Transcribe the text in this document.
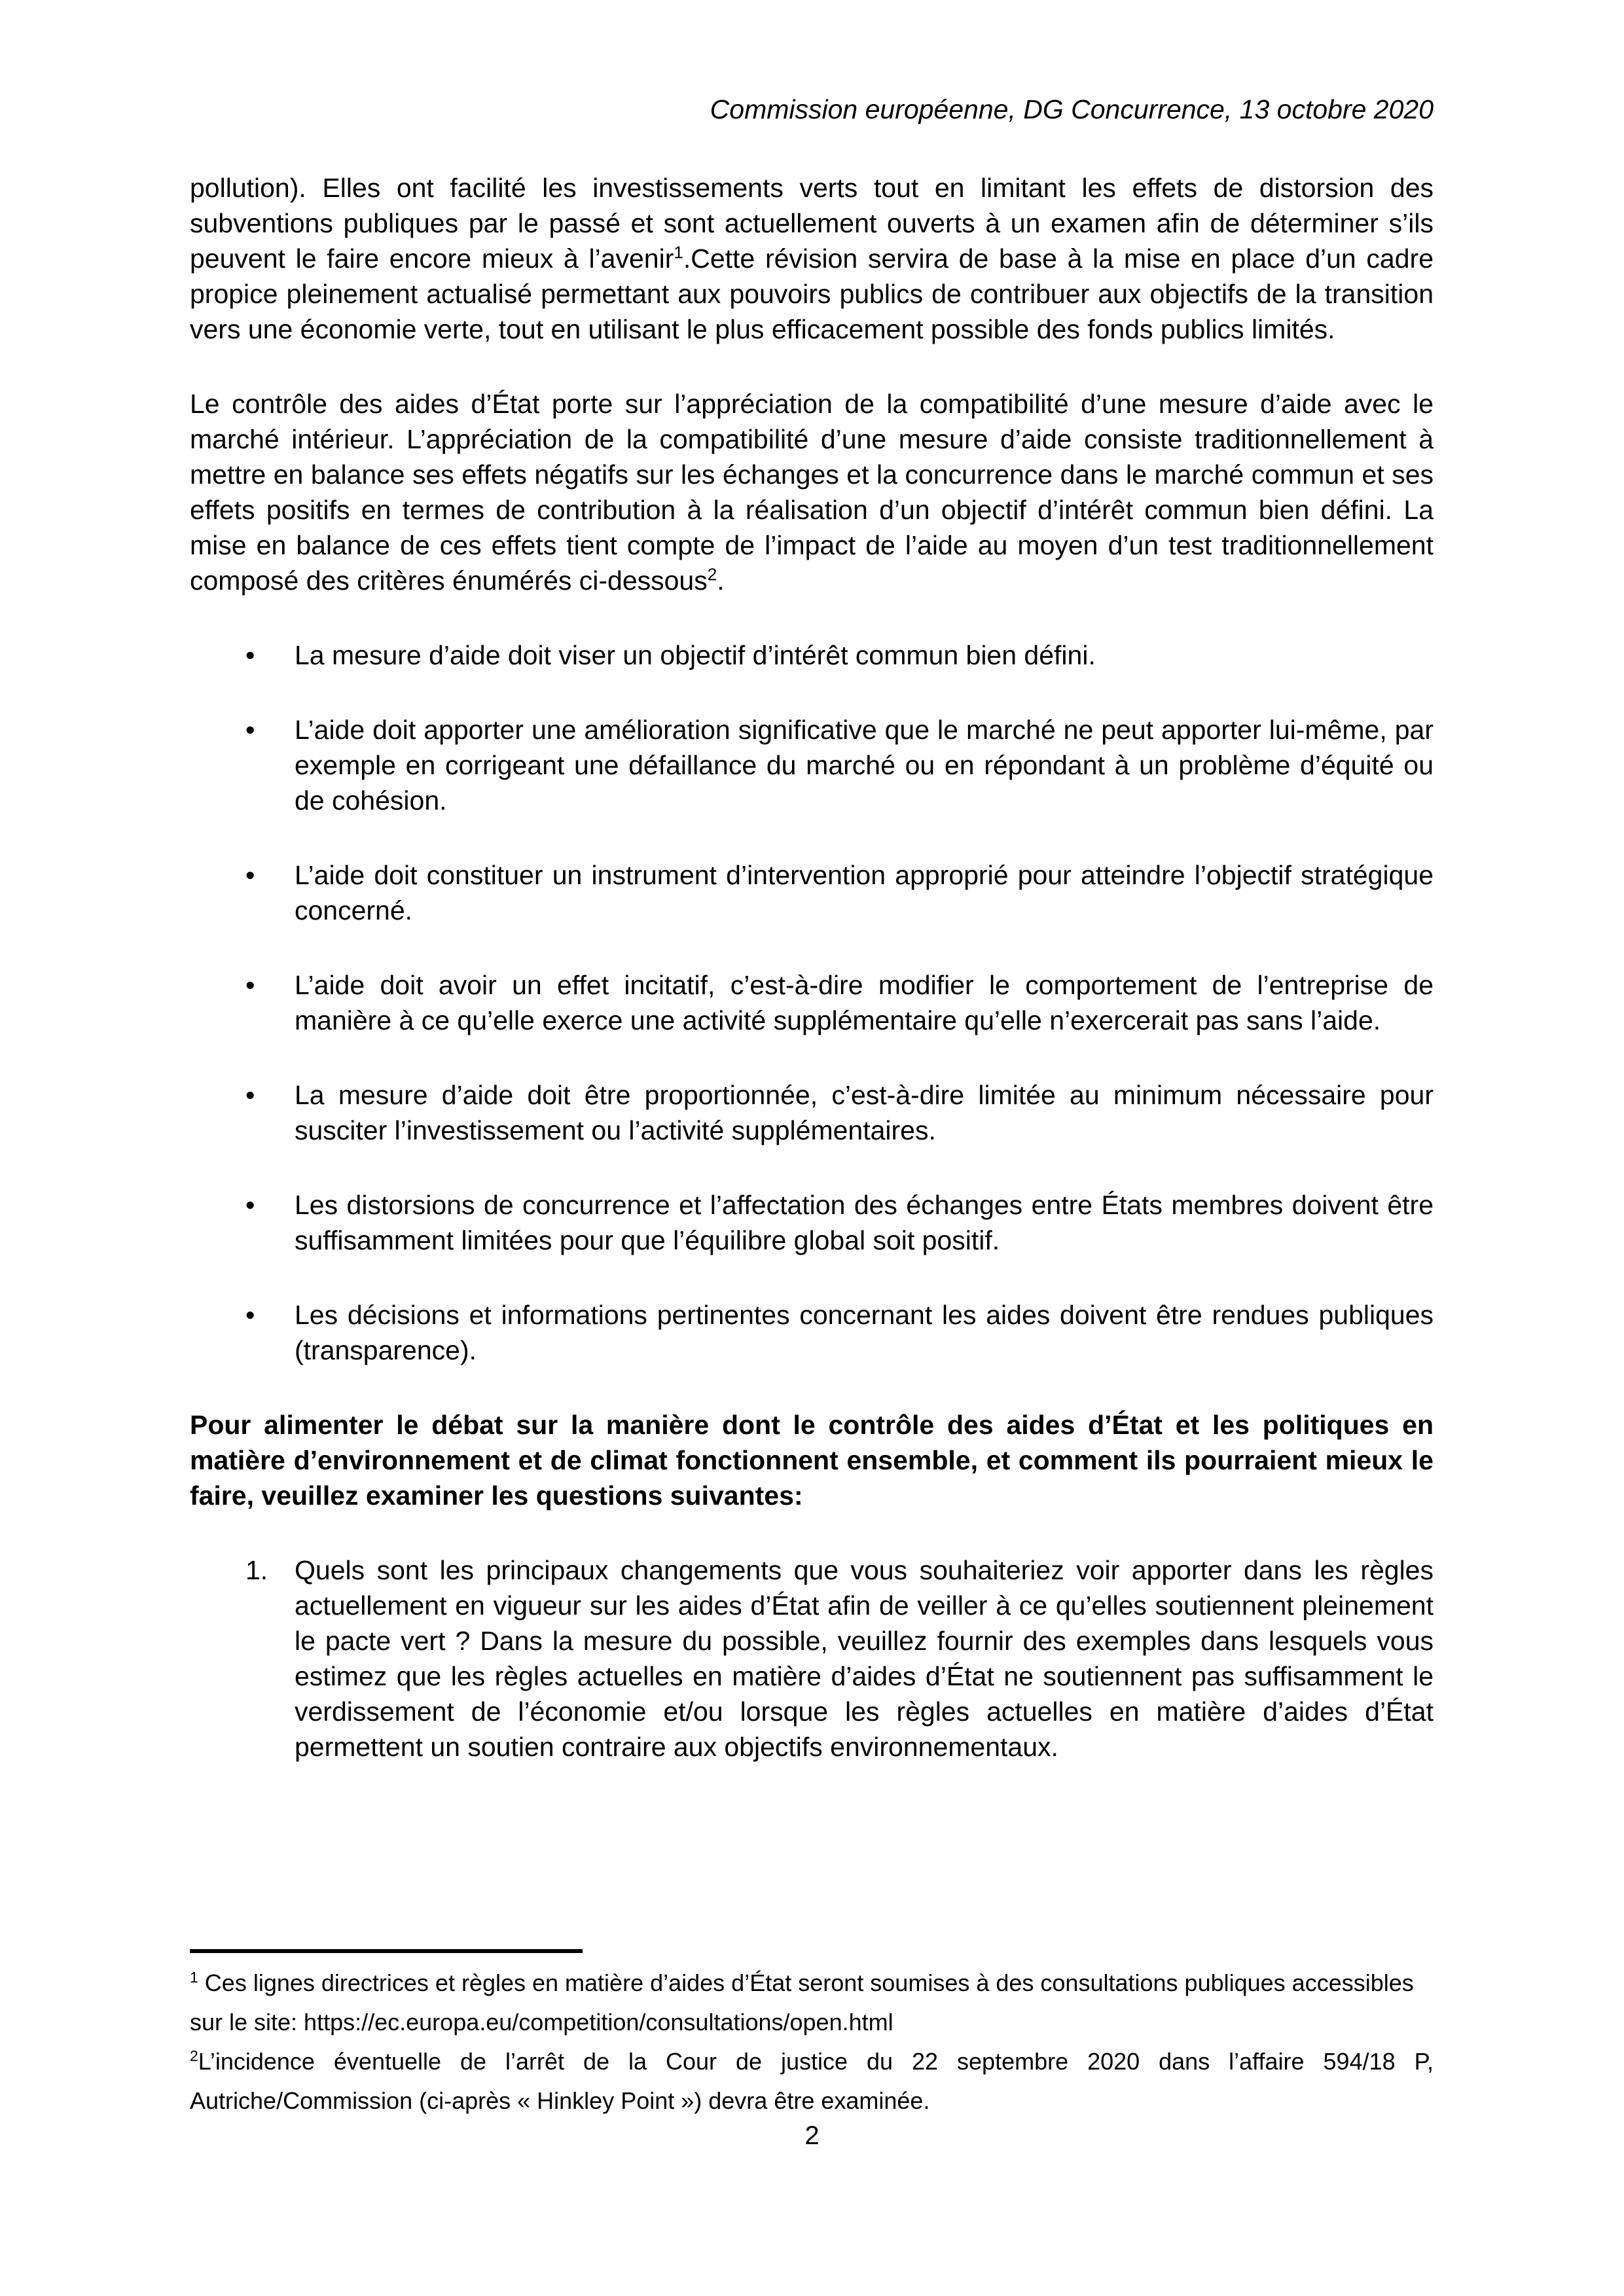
Commission européenne, DG Concurrence, 13 octobre 2020

pollution). Elles ont facilité les investissements verts tout en limitant les effets de distorsion des subventions publiques par le passé et sont actuellement ouverts à un examen afin de déterminer s’ils peuvent le faire encore mieux à l’avenir$^1$.Cette révision servira de base à la mise en place d’un cadre propice pleinement actualisé permettant aux pouvoirs publics de contribuer aux objectifs de la transition vers une économie verte, tout en utilisant le plus efficacement possible des fonds publics limités.

Le contrôle des aides d’État porte sur l’appréciation de la compatibilité d’une mesure d’aide avec le marché intérieur. L’appréciation de la compatibilité d’une mesure d’aide consiste traditionnellement à mettre en balance ses effets négatifs sur les échanges et la concurrence dans le marché commun et ses effets positifs en termes de contribution à la réalisation d’un objectif d’intérêt commun bien défini. La mise en balance de ces effets tient compte de l’impact de l’aide au moyen d’un test traditionnellement composé des critères énumérés ci-dessous$^2$.

• La mesure d’aide doit viser un objectif d’intérêt commun bien défini.
• L’aide doit apporter une amélioration significative que le marché ne peut apporter lui-même, par exemple en corrigeant une défaillance du marché ou en répondant à un problème d’équité ou de cohésion.
• L’aide doit constituer un instrument d’intervention approprié pour atteindre l’objectif stratégique concerné.
• L’aide doit avoir un effet incitatif, c’est-à-dire modifier le comportement de l’entreprise de manière à ce qu’elle exerce une activité supplémentaire qu’elle n’exercerait pas sans l’aide.
• La mesure d’aide doit être proportionnée, c’est-à-dire limitée au minimum nécessaire pour susciter l’investissement ou l’activité supplémentaires.
• Les distorsions de concurrence et l’affectation des échanges entre États membres doivent être suffisamment limitées pour que l’équilibre global soit positif.
• Les décisions et informations pertinentes concernant les aides doivent être rendues publiques (transparence).

Pour alimenter le débat sur la manière dont le contrôle des aides d’État et les politiques en matière d’environnement et de climat fonctionnent ensemble, et comment ils pourraient mieux le faire, veuillez examiner les questions suivantes:

1. Quels sont les principaux changements que vous souhaiteriez voir apporter dans les règles actuellement en vigueur sur les aides d’État afin de veiller à ce qu’elles soutiennent pleinement le pacte vert ? Dans la mesure du possible, veuillez fournir des exemples dans lesquels vous estimez que les règles actuelles en matière d’aides d’État ne soutiennent pas suffisamment le verdissement de l’économie et/ou lorsque les règles actuelles en matière d’aides d’État permettent un soutien contraire aux objectifs environnementaux.

$^1$ Ces lignes directrices et règles en matière d’aides d’État seront soumises à des consultations publiques accessibles sur le site: https://ec.europa.eu/competition/consultations/open.html

$^2$L’incidence éventuelle de l’arrêt de la Cour de justice du 22 septembre 2020 dans l’affaire 594/18 P, Autriche/Commission (ci-après « Hinkley Point ») devra être examinée.

2
